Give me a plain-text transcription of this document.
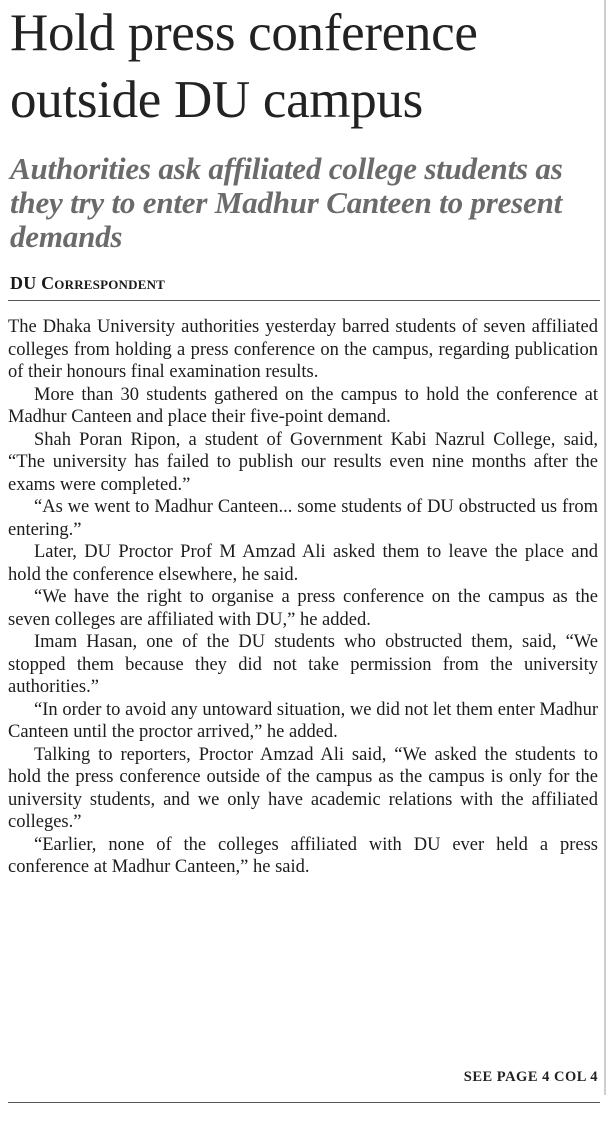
Hold press conference outside DU campus
Authorities ask affiliated college students as they try to enter Madhur Canteen to present demands
DU Correspondent

The Dhaka University authorities yesterday barred students of seven affiliated colleges from holding a press conference on the campus, regarding publication of their honours final examination results.

More than 30 students gathered on the campus to hold the conference at Madhur Canteen and place their five-point demand.

Shah Poran Ripon, a student of Government Kabi Nazrul College, said, “The university has failed to publish our results even nine months after the exams were completed.”

“As we went to Madhur Canteen... some students of DU obstructed us from entering.”

Later, DU Proctor Prof M Amzad Ali asked them to leave the place and hold the conference elsewhere, he said.

“We have the right to organise a press conference on the campus as the seven colleges are affiliated with DU,” he added.

Imam Hasan, one of the DU students who obstructed them, said, “We stopped them because they did not take permission from the university authorities.”

“In order to avoid any untoward situation, we did not let them enter Madhur Canteen until the proctor arrived,” he added.

Talking to reporters, Proctor Amzad Ali said, “We asked the students to hold the press conference outside of the campus as the campus is only for the university students, and we only have academic relations with the affiliated colleges.”

“Earlier, none of the colleges affiliated with DU ever held a press conference at Madhur Canteen,” he said.

SEE PAGE 4 COL 4
